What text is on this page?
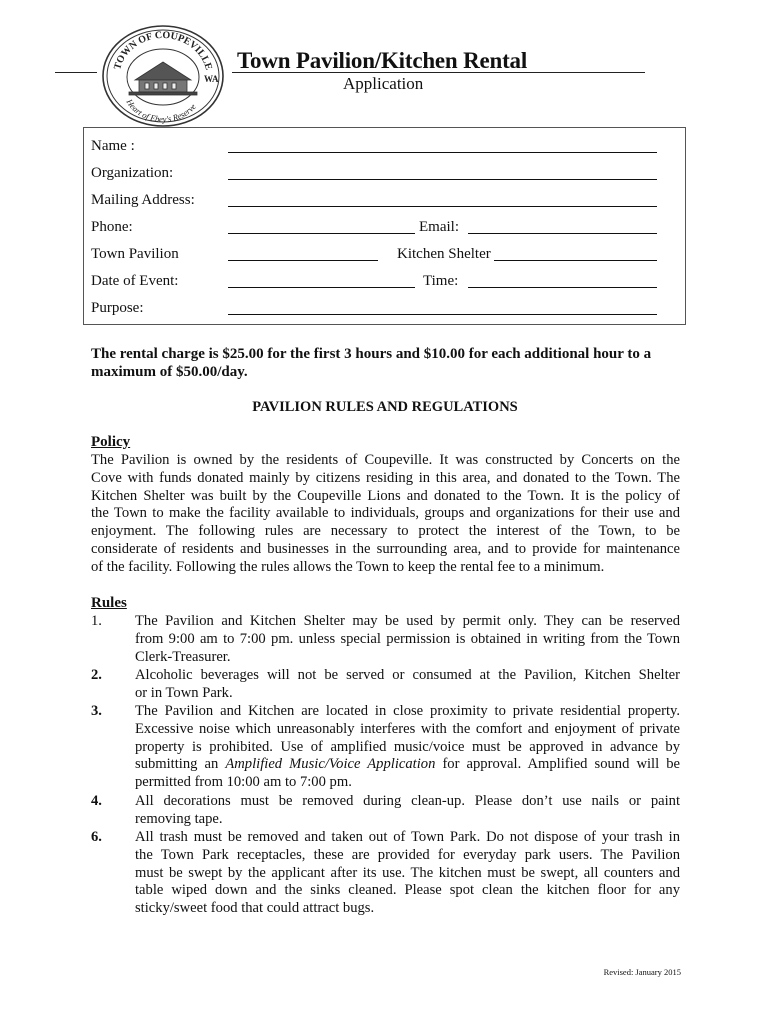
TOWN OF COUPEVILLE
WA
Heart of Ebey's Reserve
Town Pavilion/Kitchen Rental
Application
Name :
Organization:
Mailing Address:
Phone:	Email:
Town Pavilion	Kitchen Shelter
Date of Event:	Time:
Purpose:
The rental charge is $25.00 for the first 3 hours and $10.00 for each additional hour to a
maximum of $50.00/day.
PAVILION RULES AND REGULATIONS
Policy
The Pavilion is owned by the residents of Coupeville. It was constructed by Concerts on the
Cove with funds donated mainly by citizens residing in this area, and donated to the Town. The
Kitchen Shelter was built by the Coupeville Lions and donated to the Town. It is the policy of
the Town to make the facility available to individuals, groups and organizations for their use and
enjoyment. The following rules are necessary to protect the interest of the Town, to be
considerate of residents and businesses in the surrounding area, and to provide for maintenance
of the facility. Following the rules allows the Town to keep the rental fee to a minimum.
Rules
1. The Pavilion and Kitchen Shelter may be used by permit only. They can be reserved
from 9:00 am to 7:00 pm. unless special permission is obtained in writing from the Town
Clerk-Treasurer.
2. Alcoholic beverages will not be served or consumed at the Pavilion, Kitchen Shelter
or in Town Park.
3. The Pavilion and Kitchen are located in close proximity to private residential property.
Excessive noise which unreasonably interferes with the comfort and enjoyment of private
property is prohibited. Use of amplified music/voice must be approved in advance by
submitting an Amplified Music/Voice Application for approval. Amplified sound will be
permitted from 10:00 am to 7:00 pm.
4. All decorations must be removed during clean-up. Please don’t use nails or paint
removing tape.
6. All trash must be removed and taken out of Town Park. Do not dispose of your trash in
the Town Park receptacles, these are provided for everyday park users. The Pavilion
must be swept by the applicant after its use. The kitchen must be swept, all counters and
table wiped down and the sinks cleaned. Please spot clean the kitchen floor for any
sticky/sweet food that could attract bugs.
Revised: January 2015
